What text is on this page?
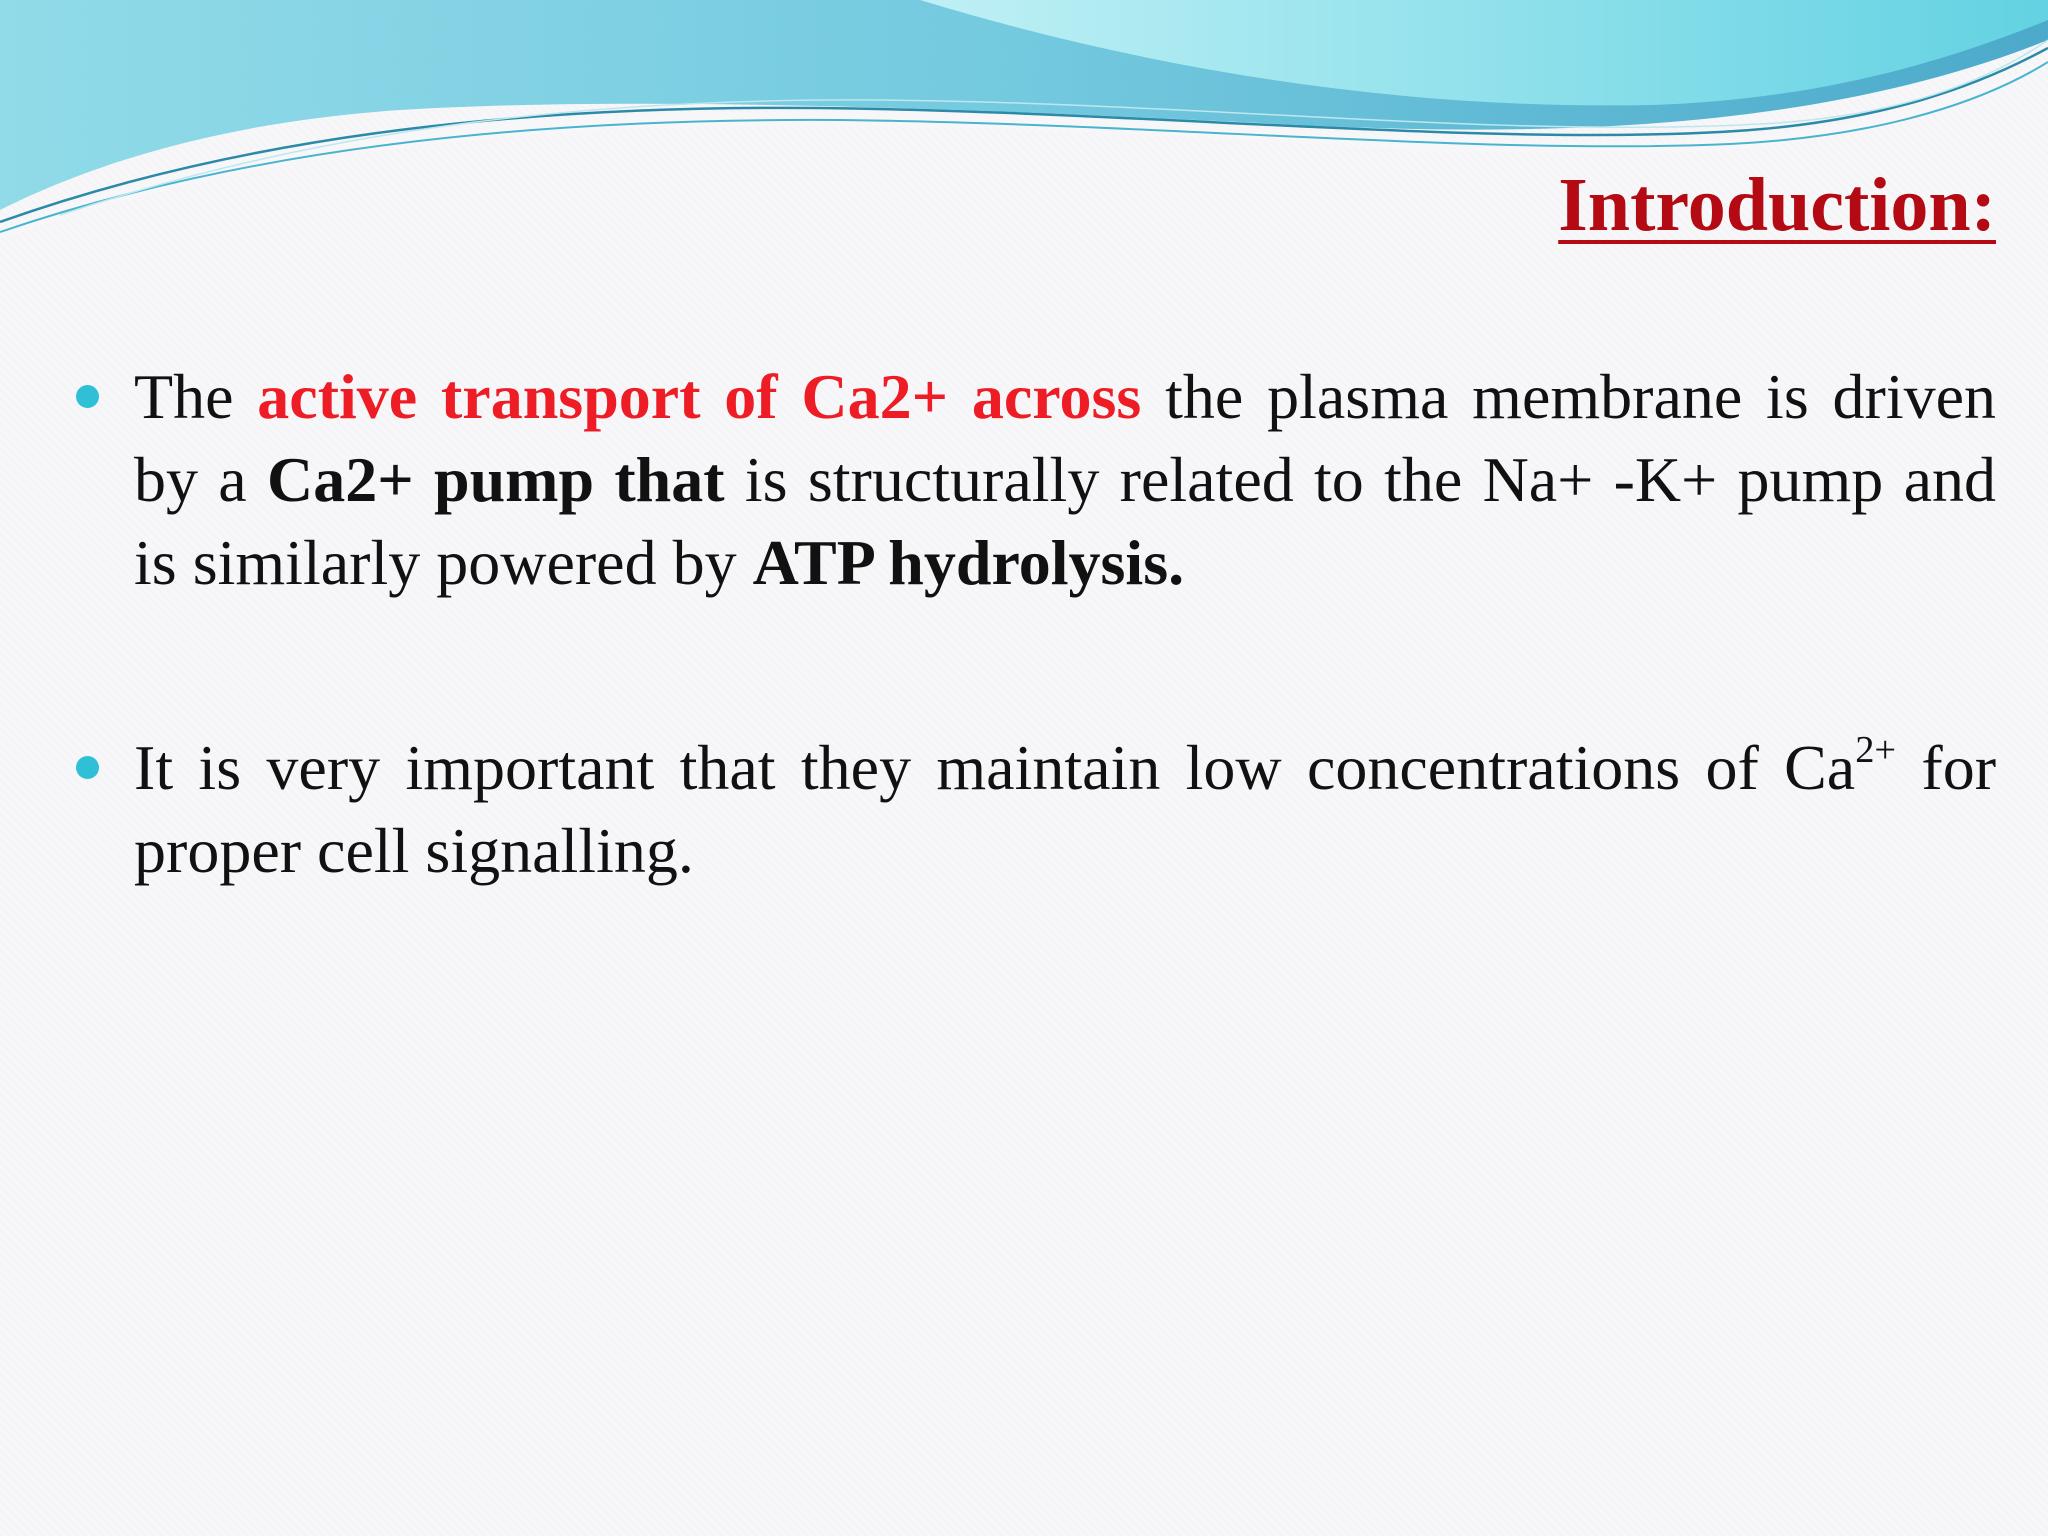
Introduction:
The active transport of Ca2+ across the plasma membrane is driven by a Ca2+ pump that is structurally related to the Na+ -K+ pump and is similarly powered by ATP hydrolysis.
It is very important that they maintain low concentrations of $Ca^{2+}$ for proper cell signalling.
